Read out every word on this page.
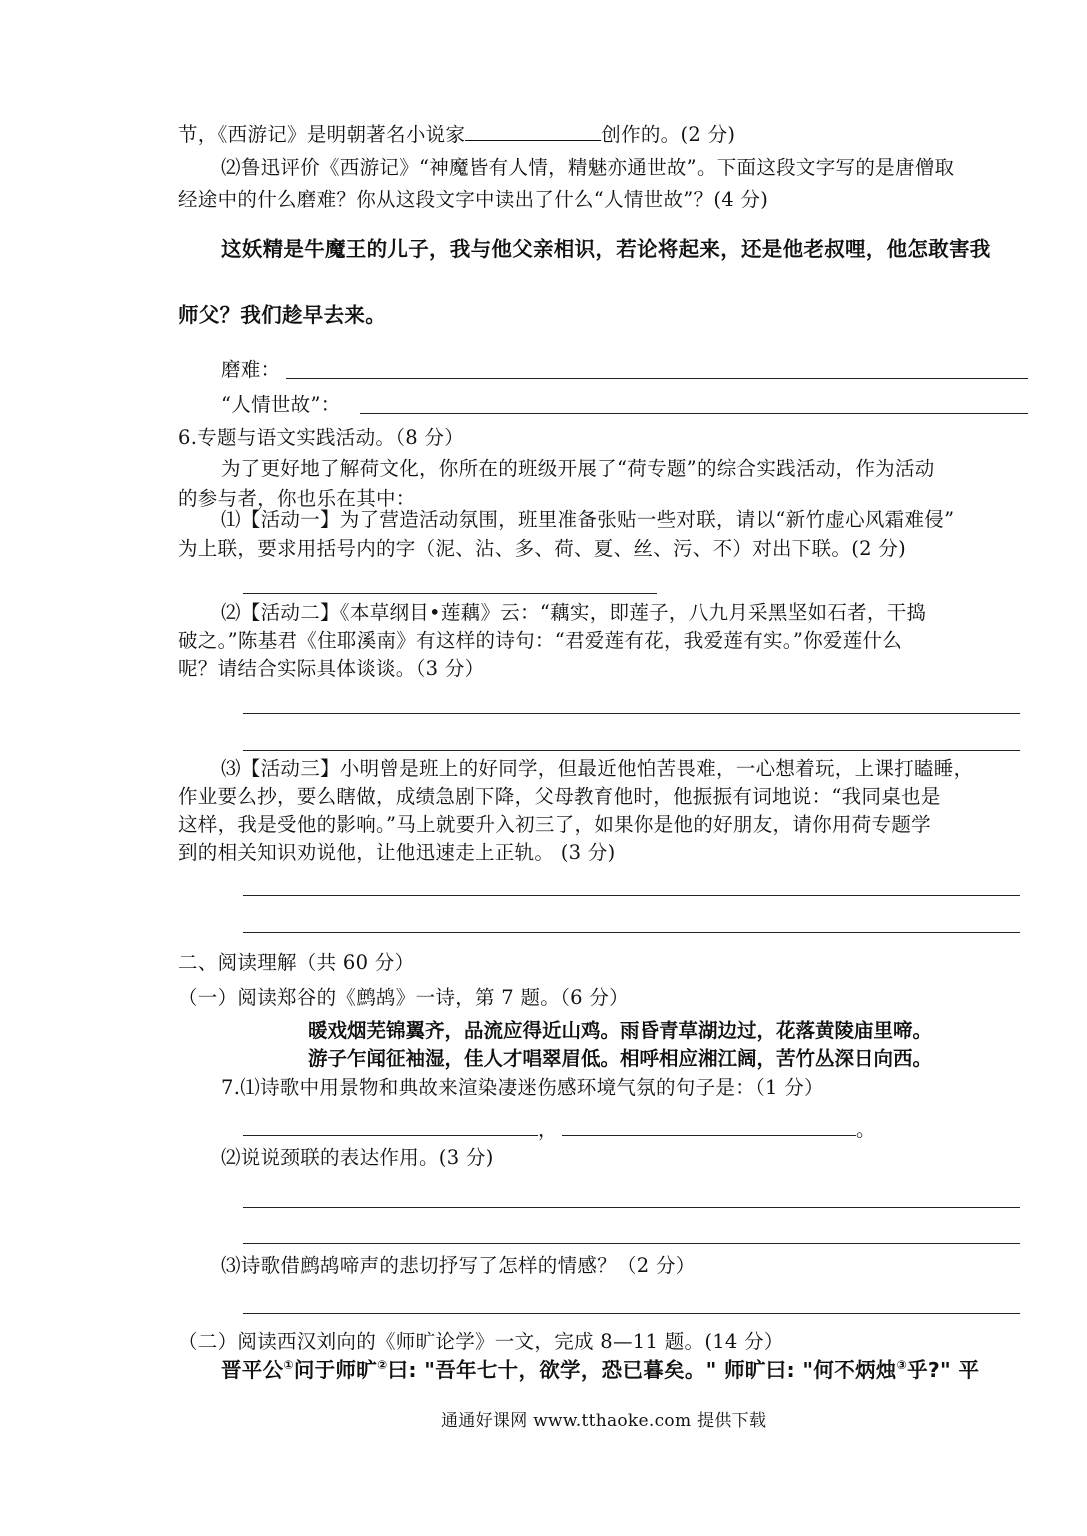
节，《西游记》是明朝著名小说家	创作的。(2 分)
⑵鲁迅评价《西游记》“神魔皆有人情，精魅亦通世故”。下面这段文字写的是唐僧取
经途中的什么磨难？你从这段文字中读出了什么“人情世故”？(4 分)
这妖精是牛魔王的儿子，我与他父亲相识，若论将起来，还是他老叔哩，他怎敢害我
师父？我们趁早去来。
磨难：
“人情世故”：
6.专题与语文实践活动。（8 分）
为了更好地了解荷文化，你所在的班级开展了“荷专题”的综合实践活动，作为活动
的参与者，你也乐在其中：
⑴【活动一】为了营造活动氛围，班里准备张贴一些对联，请以“新竹虚心风霜难侵”
为上联，要求用括号内的字（泥、沾、多、荷、夏、丝、污、不）对出下联。(2 分)
⑵【活动二】《本草纲目•莲藕》云：“藕实，即莲子，八九月采黑坚如石者，干捣
破之。”陈基君《住耶溪南》有这样的诗句：“君爱莲有花，我爱莲有实。”你爱莲什么
呢？请结合实际具体谈谈。（3 分）
⑶【活动三】小明曾是班上的好同学，但最近他怕苦畏难，一心想着玩，上课打瞌睡，
作业要么抄，要么瞎做，成绩急剧下降，父母教育他时，他振振有词地说：“我同桌也是
这样，我是受他的影响。”马上就要升入初三了，如果你是他的好朋友，请你用荷专题学
到的相关知识劝说他，让他迅速走上正轨。 (3 分)
二、阅读理解（共 60 分）
（一）阅读郑谷的《鹧鸪》一诗，第 7 题。（6 分）
暖戏烟芜锦翼齐，品流应得近山鸡。雨昏青草湖边过，花落黄陵庙里啼。
游子乍闻征袖湿，佳人才唱翠眉低。相呼相应湘江阔，苦竹丛深日向西。
7.⑴诗歌中用景物和典故来渲染凄迷伤感环境气氛的句子是：（1 分）
，	。
⑵说说颈联的表达作用。(3 分)
⑶诗歌借鹧鸪啼声的悲切抒写了怎样的情感？（2 分）
（二）阅读西汉刘向的《师旷论学》一文，完成 8—11 题。(14 分）
晋平公①问于师旷②曰: "吾年七十，欲学，恐已暮矣。" 师旷曰: "何不炳烛③乎?" 平
通通好课网 www.tthaoke.com 提供下载
